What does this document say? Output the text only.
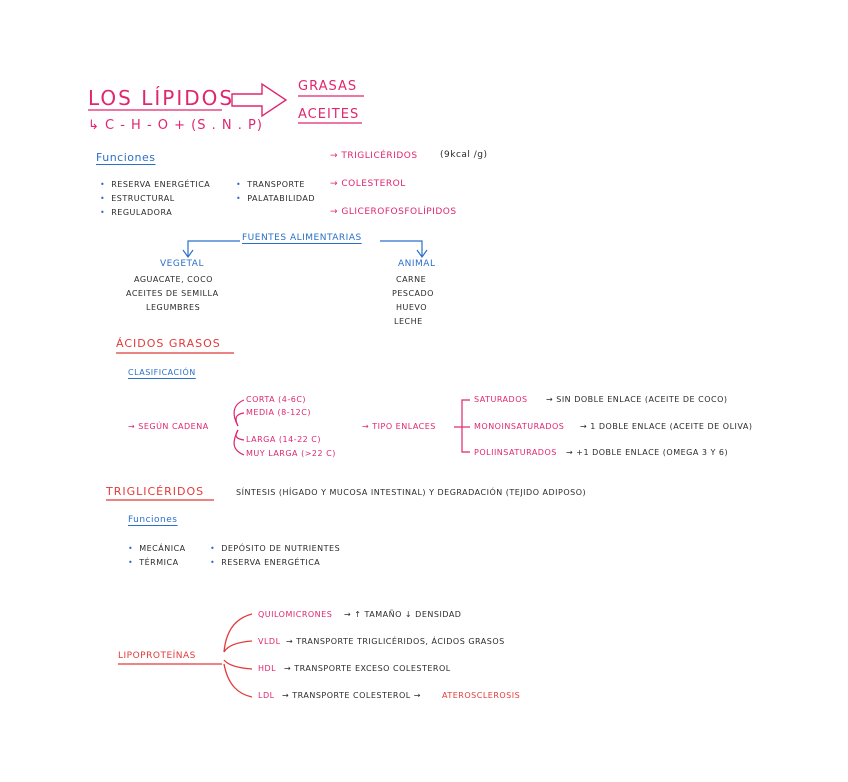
LOS LÍPIDOS
↳ C - H - O + (S . N . P)
GRASAS
ACEITES
Funciones
• RESERVA ENERGÉTICA
• ESTRUCTURAL
• REGULADORA
• TRANSPORTE
• PALATABILIDAD
→ TRIGLICÉRIDOS (9kcal /g)
→ COLESTEROL
→ GLICEROFOSFOLÍPIDOS
FUENTES ALIMENTARIAS
VEGETAL
AGUACATE, COCO
ACEITES DE SEMILLA
LEGUMBRES
ANIMAL
CARNE
PESCADO
HUEVO
LECHE
ÁCIDOS GRASOS
CLASIFICACIÓN
→ SEGÚN CADENA
CORTA (4-6C)
MEDIA (8-12C)
LARGA (14-22 C)
MUY LARGA (>22 C)
→ TIPO ENLACES
SATURADOS → SIN DOBLE ENLACE (ACEITE DE COCO)
MONOINSATURADOS → 1 DOBLE ENLACE (ACEITE DE OLIVA)
POLIINSATURADOS → +1 DOBLE ENLACE (OMEGA 3 Y 6)
TRIGLICÉRIDOS	SÍNTESIS (HÍGADO Y MUCOSA INTESTINAL) Y DEGRADACIÓN (TEJIDO ADIPOSO)
Funciones
• MECÁNICA
• TÉRMICA
• DEPÓSITO DE NUTRIENTES
• RESERVA ENERGÉTICA
LIPOPROTEÍNAS
QUILOMICRONES → ↑ TAMAÑO ↓ DENSIDAD
VLDL → TRANSPORTE TRIGLICÉRIDOS, ÁCIDOS GRASOS
HDL → TRANSPORTE EXCESO COLESTEROL
LDL → TRANSPORTE COLESTEROL →	ATEROSCLEROSIS
